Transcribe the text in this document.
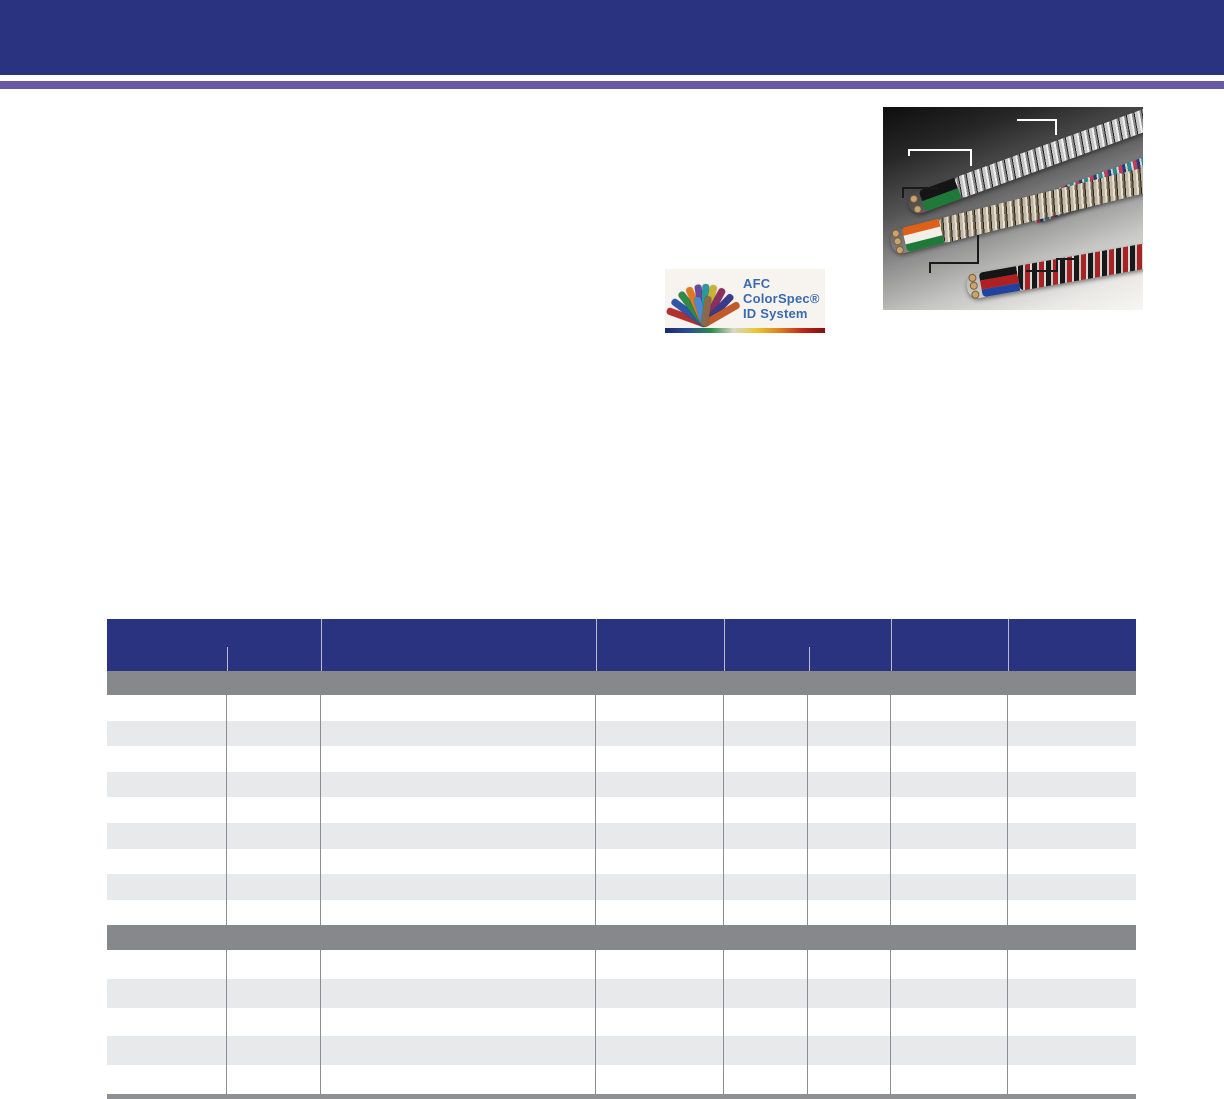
AFC
ColorSpec®
ID System
